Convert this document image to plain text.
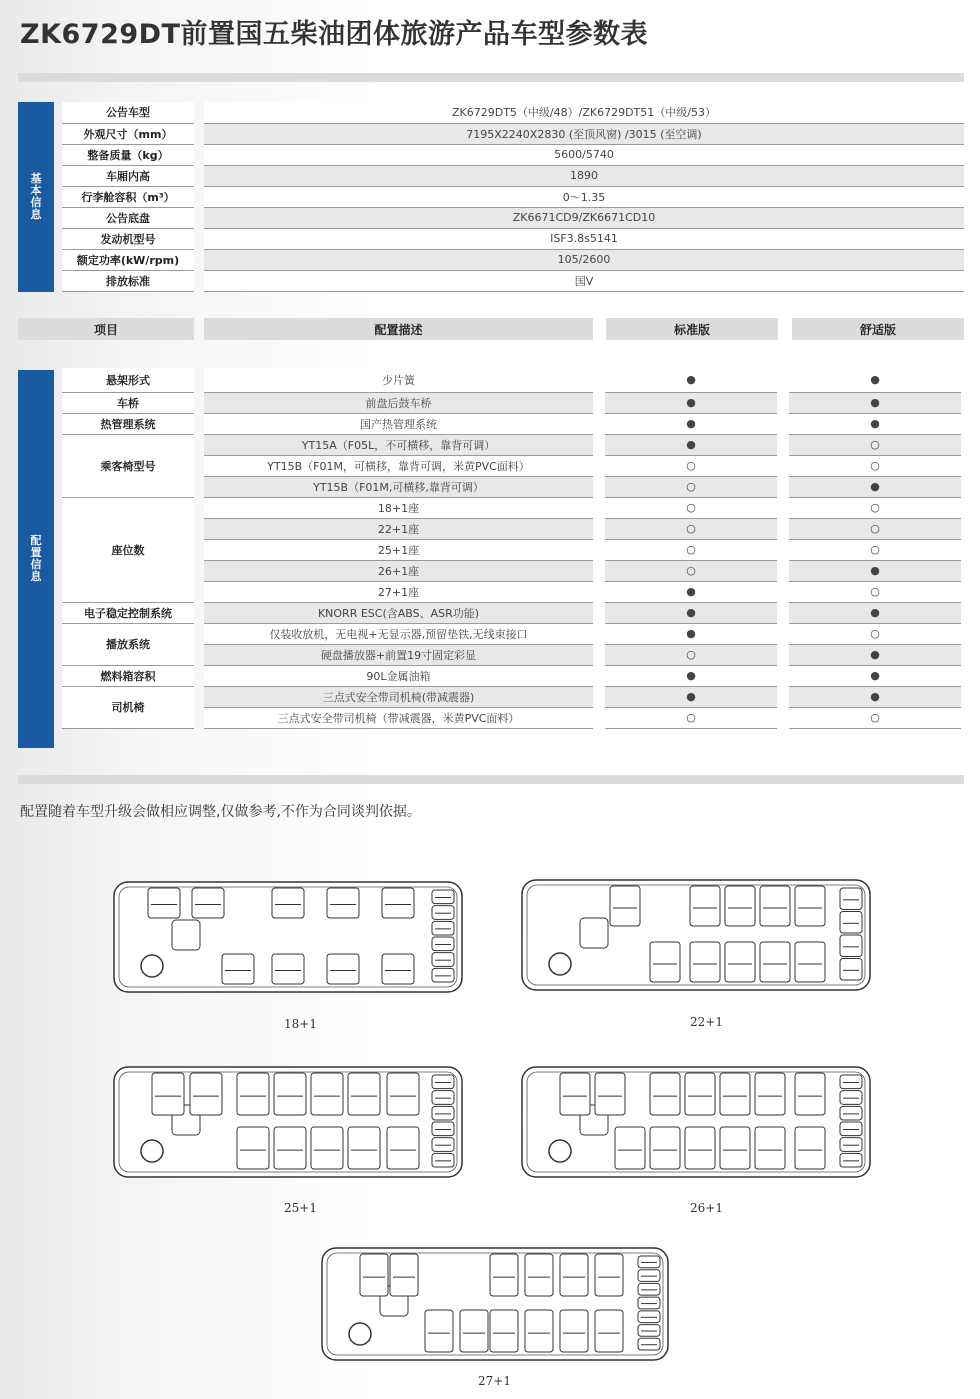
ZK6729DT前置国五柴油团体旅游产品车型参数表
基
本
信
息
公告车型		ZK6729DT5（中级/48）/ZK6729DT51（中级/53）
外观尺寸（mm）		7195X2240X2830 (至顶风窗) /3015 (至空调)
整备质量（kg）		5600/5740
车厢内高		1890
行李舱容积（m³）		0～1.35
公告底盘		ZK6671CD9/ZK6671CD10
发动机型号		ISF3.8s5141
额定功率(kW/rpm)		105/2600
排放标准		国V
项目	配置描述	标准版	舒适版
配
置
信
息
悬架形式		少片簧		●		●
车桥		前盘后鼓车桥		●		●
热管理系统		国产热管理系统		●		●
乘客椅型号		YT15A（F05L，不可横移，靠背可调）		●		○
		YT15B（F01M，可横移，靠背可调，米黄PVC面料）		○		○
		YT15B（F01M,可横移,靠背可调）		○		●
座位数		18+1座		○		○
		22+1座		○		○
		25+1座		○		○
		26+1座		○		●
		27+1座		●		○
电子稳定控制系统		KNORR ESC(含ABS、ASR功能)		●		●
播放系统		仅装收放机，无电视+无显示器,预留垫铁,无线束接口		●		○
		硬盘播放器+前置19寸固定彩显		○		●
燃料箱容积		90L金属油箱		●		●
司机椅		三点式安全带司机椅(带减震器)		●		●
		三点式安全带司机椅（带减震器，米黄PVC面料）		○		○
配置随着车型升级会做相应调整,仅做参考,不作为合同谈判依据。
18+1	22+1
25+1	26+1
27+1
